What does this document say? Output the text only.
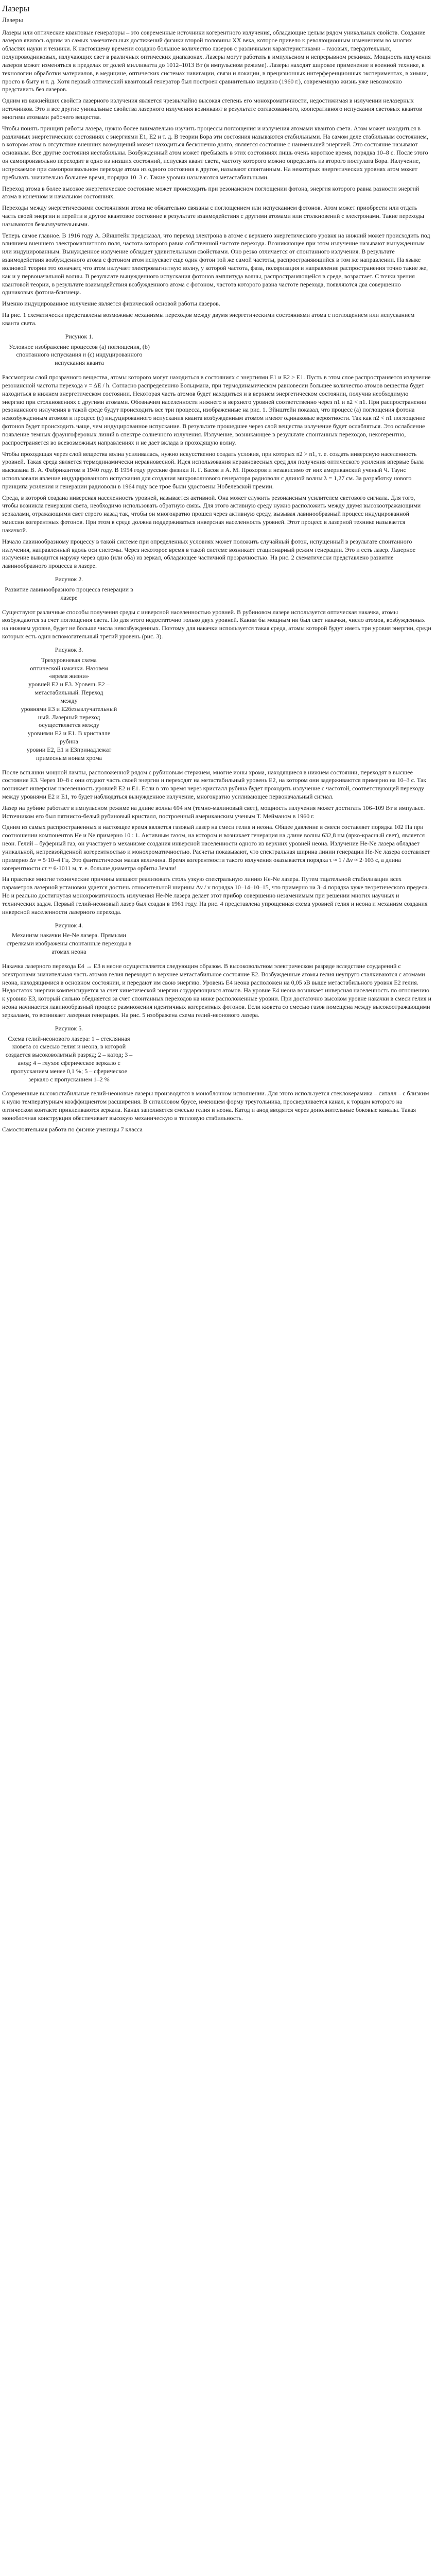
Лазеры
Лазеры

Лазеры или оптические квантовые генераторы – это современные источники когерентного излучения, обладающие целым рядом уникальных свойств. Создание лазеров явилось одним из самых замечательных достижений физики второй половины XX века, которое привело к революционным изменениям во многих областях науки и техники. К настоящему времени создано большое количество лазеров с различными характеристиками – газовых, твердотельных, полупроводниковых, излучающих свет в различных оптических диапазонах. Лазеры могут работать в импульсном и непрерывном режимах. Мощность излучения лазеров может изменяться в пределах от долей милливатта до 1012–1013 Вт (в импульсном режиме). Лазеры находят широкое применение в военной технике, в технологии обработки материалов, в медицине, оптических системах навигации, связи и локации, в прецизионных интерференционных экспериментах, в химии, просто в быту и т. д. Хотя первый оптический квантовый генератор был построен сравнительно недавно (1960 г.), современную жизнь уже невозможно представить без лазеров.

Одним из важнейших свойств лазерного излучения является чрезвычайно высокая степень его монохроматичности, недостижимая в излучении нелазерных источников. Это и все другие уникальные свойства лазерного излучения возникают в результате согласованного, кооперативного испускания световых квантов многими атомами рабочего вещества.

Чтобы понять принцип работы лазера, нужно более внимательно изучить процессы поглощения и излучения атомами квантов света. Атом может находиться в различных энергетических состояниях с энергиями E1, E2 и т. д. В теории Бора эти состояния называются стабильными. На самом деле стабильным состоянием, в котором атом в отсутствие внешних возмущений может находиться бесконечно долго, является состояние с наименьшей энергией. Это состояние называют основным. Все другие состояния нестабильны. Возбужденный атом может пребывать в этих состояниях лишь очень короткое время, порядка 10–8 с. После этого он самопроизвольно переходит в одно из низших состояний, испуская квант света, частоту которого можно определить из второго постулата Бора. Излучение, испускаемое при самопроизвольном переходе атома из одного состояния в другое, называют спонтанным. На некоторых энергетических уровнях атом может пребывать значительно большее время, порядка 10–3 с. Такие уровни называются метастабильными.

Переход атома в более высокое энергетическое состояние может происходить при резонансном поглощении фотона, энергия которого равна разности энергий атома в конечном и начальном состояниях.

Переходы между энергетическими состояниями атома не обязательно связаны с поглощением или испусканием фотонов. Атом может приобрести или отдать часть своей энергии и перейти в другое квантовое состояние в результате взаимодействия с другими атомами или столкновений с электронами. Такие переходы называются безызлучательными.

Теперь самое главное. В 1916 году А. Эйнштейн предсказал, что переход электрона в атоме с верхнего энергетического уровня на нижний может происходить под влиянием внешнего электромагнитного поля, частота которого равна собственной частоте перехода. Возникающее при этом излучение называют вынужденным или индуцированным. Вынужденное излучение обладает удивительными свойствами. Оно резко отличается от спонтанного излучения. В результате взаимодействия возбужденного атома с фотоном атом испускает еще один фотон той же самой частоты, распространяющийся в том же направлении. На языке волновой теории это означает, что атом излучает электромагнитную волну, у которой частота, фаза, поляризация и направление распространения точно такие же, как и у первоначальной волны. В результате вынужденного испускания фотонов амплитуда волны, распространяющейся в среде, возрастает. С точки зрения квантовой теории, в результате взаимодействия возбужденного атома с фотоном, частота которого равна частоте перехода, появляются два совершенно одинаковых фотона-близнеца.

Именно индуцированное излучение является физической основой работы лазеров.

На рис. 1 схематически представлены возможные механизмы переходов между двумя энергетическими состояниями атома с поглощением или испусканием кванта света.

Рисунок 1.
Условное изображение процессов (а) поглощения, (b) спонтанного испускания и (c) индуцированного испускания кванта

Рассмотрим слой прозрачного вещества, атомы которого могут находиться в состояниях с энергиями E1 и E2 > E1. Пусть в этом слое распространяется излучение резонансной частоты перехода ν = ΔE / h. Согласно распределению Больцмана, при термодинамическом равновесии большее количество атомов вещества будет находиться в нижнем энергетическом состоянии. Некоторая часть атомов будет находиться и в верхнем энергетическом состоянии, получив необходимую энергию при столкновениях с другими атомами. Обозначим населенности нижнего и верхнего уровней соответственно через n1 и n2 < n1. При распространении резонансного излучения в такой среде будут происходить все три процесса, изображенные на рис. 1. Эйнштейн показал, что процесс (a) поглощения фотона невозбужденным атомом и процесс (c) индуцированного испускания кванта возбужденным атомом имеют одинаковые вероятности. Так как n2 < n1 поглощение фотонов будет происходить чаще, чем индуцированное испускание. В результате прошедшее через слой вещества излучение будет ослабляться. Это ослабление появление темных фраунгоферовых линий в спектре солнечного излучения. Излучение, возникающее в результате спонтанных переходов, некогерентно, распространяется во всевозможных направлениях и не дает вклада в проходящую волну.

Чтобы проходящая через слой вещества волна усиливалась, нужно искусственно создать условия, при которых n2 > n1, т. е. создать инверсную населенность уровней. Такая среда является термодинамически неравновесной. Идея использования неравновесных сред для получения оптического усиления впервые была высказана В. А. Фабрикантом в 1940 году. В 1954 году русские физики Н. Г. Басов и А. М. Прохоров и независимо от них американский ученый Ч. Таунс использовали явление индуцированного испускания для создания микроволнового генератора радиоволн с длиной волны λ = 1,27 см. За разработку нового принципа усиления и генерации радиоволн в 1964 году все трое были удостоены Нобелевской премии.

Среда, в которой создана инверсная населенность уровней, называется активной. Она может служить резонансным усилителем светового сигнала. Для того, чтобы возникла генерация света, необходимо использовать обратную связь. Для этого активную среду нужно расположить между двумя высокоотражающими зеркалами, отражающими свет строго назад так, чтобы он многократно прошел через активную среду, вызывая лавинообразный процесс индуцированной эмиссии когерентных фотонов. При этом в среде должна поддерживаться инверсная населенность уровней. Этот процесс в лазерной технике называется накачкой.

Начало лавинообразному процессу в такой системе при определенных условиях может положить случайный фотон, испущенный в результате спонтанного излучения, направленный вдоль оси системы. Через некоторое время в такой системе возникает стационарный режим генерации. Это и есть лазер. Лазерное излучение выводится наружу через одно (или оба) из зеркал, обладающее частичной прозрачностью. На рис. 2 схематически представлено развитие лавинообразного процесса в лазере.

Рисунок 2.
Развитие лавинообразного процесса генерации в лазере

Существуют различные способы получения среды с инверсной населенностью уровней. В рубиновом лазере используется оптическая накачка, атомы возбуждаются за счет поглощения света. Но для этого недостаточно только двух уровней. Каким бы мощным ни был свет накачки, число атомов, возбужденных на нижнем уровне, будет не больше числа невозбужденных. Поэтому для накачки используется такая среда, атомы которой будут иметь три уровня энергии, среди которых есть один вспомогательный третий уровень (рис. 3).

Рисунок 3.
Трехуровневая схема
оптической накачки. Назовем
«время жизни»
уровней E2 и E3. Уровень E2 –
метастабильный. Переход
между
уровнями E3 и E2безызлучательный
ный. Лазерный переход
осуществляется между
уровнями E2 и E1. В кристалле
рубина
уровни E2, E1 и E3принадлежат
примесным ионам хрома

После вспышки мощной лампы, расположенной рядом с рубиновым стержнем, многие ионы хрома, находящиеся в нижнем состоянии, переходят в высшее состояние E3. Через 10–8 с они отдают часть своей энергии и переходят на метастабильный уровень E2, на котором они задерживаются примерно на 10–3 с. Так возникает инверсная населенность уровней E2 и E1. Если в это время через кристалл рубина будет проходить излучение с частотой, соответствующей переходу между уровнями E2 и E1, то будет наблюдаться вынужденное излучение, многократно усиливающее первоначальный сигнал.

Лазер на рубине работает в импульсном режиме на длине волны 694 нм (темно-малиновый свет), мощность излучения может достигать 106–109 Вт в импульсе. Источником его был пятнисто-белый рубиновый кристалл, построенный американским ученым Т. Мейманом в 1960 г.

Одним из самых распространенных в настоящее время является газовый лазер на смеси гелия и неона. Общее давление в смеси составляет порядка 102 Па при соотношении компонентов He и Ne примерно 10 : 1. Активным газом, на котором и возникает генерация на длине волны 632,8 нм (ярко-красный свет), является неон. Гелий – буферный газ, он участвует в механизме создания инверсной населенности одного из верхних уровней неона. Излучение He-Ne лазера обладает уникальной, непревзойденной когерентностью и монохроматичностью. Расчеты показывают, что спектральная ширина линии генерации He-Ne лазера составляет примерно Δν ≈ 5·10–4 Гц. Это фантастически малая величина. Время когерентности такого излучения оказывается порядка τ ≈ 1 / Δν ≈ 2·103 с, а длина когерентности cτ ≈ 6·1011 м, т. е. больше диаметра орбиты Земли!

На практике многие технические причины мешают реализовать столь узкую спектральную линию He-Ne лазера. Путем тщательной стабилизации всех параметров лазерной установки удается достичь относительной ширины Δν / ν порядка 10–14–10–15, что примерно на 3–4 порядка хуже теоретического предела. Но и реально достигнутая монохроматичность излучения He-Ne лазера делает этот прибор совершенно незаменимым при решении многих научных и технических задач. Первый гелий-неоновый лазер был создан в 1961 году. На рис. 4 представлена упрощенная схема уровней гелия и неона и механизм создания инверсной населенности лазерного перехода.

Рисунок 4.
Механизм накачки He-Ne лазера. Прямыми стрелками изображены спонтанные переходы в атомах неона

Накачка лазерного перехода E4 → E3 в неоне осуществляется следующим образом. В высоковольтном электрическом разряде вследствие соударений с электронами значительная часть атомов гелия переходит в верхнее метастабильное состояние E2. Возбужденные атомы гелия неупруго сталкиваются с атомами неона, находящимися в основном состоянии, и передают им свою энергию. Уровень E4 неона расположен на 0,05 эВ выше метастабильного уровня E2 гелия. Недостаток энергии компенсируется за счет кинетической энергии соударяющихся атомов. На уровне E4 неона возникает инверсная населенность по отношению к уровню E3, который сильно обедняется за счет спонтанных переходов на ниже расположенные уровни. При достаточно высоком уровне накачки в смеси гелия и неона начинается лавинообразный процесс размножения идентичных когерентных фотонов. Если кювета со смесью газов помещена между высокоотражающими зеркалами, то возникает лазерная генерация. На рис. 5 изображена схема гелий-неонового лазера.

Рисунок 5.
Схема гелий-неонового лазера: 1 – стеклянная кювета со смесью гелия и неона, в которой создается высоковольтный разряд; 2 – катод; 3 – анод; 4 – глухое сферическое зеркало с пропусканием менее 0,1 %; 5 – сферическое зеркало с пропусканием 1–2 %

Современные высокостабильные гелий-неоновые лазеры производятся в моноблочном исполнении. Для этого используется стеклокерамика – ситалл – с близким к нулю температурным коэффициентом расширения. В ситалловом брусе, имеющем форму треугольника, просверливается канал, к торцам которого на оптическом контакте приклеиваются зеркала. Канал заполняется смесью гелия и неона. Катод и анод вводятся через дополнительные боковые каналы. Такая моноблочная конструкция обеспечивает высокую механическую и тепловую стабильность.

Самостоятельная работа по физике ученицы 7 класса
